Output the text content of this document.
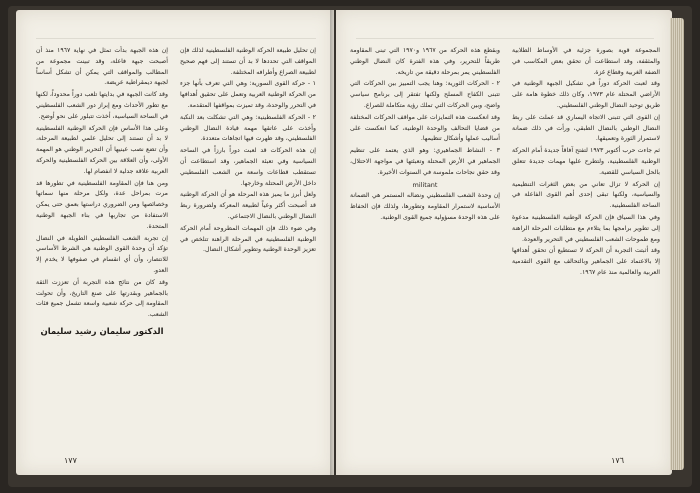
إن هذه الجبهة بدأت تمثل في نهاية ١٩٦٧ منذ أن أصبحت جبهة فاعلة، وقد تبينت مجموعة من المطالب والمواقف التي يمكن أن تشكل أساساً لجبهة ديمقراطية عريضة.

وقد كانت الجبهة في بدايتها تلعب دوراً محدوداً، لكنها مع تطور الأحداث ومع إبراز دور الشعب الفلسطيني في الساحة السياسية، أخذت تتبلور على نحو أوضح.

وعلى هذا الأساس فإن الحركة الوطنية الفلسطينية لا بد أن تستند إلى تحليل علمي لطبيعة المرحلة، وأن تضع نصب عينيها أن التحرير الوطني هو المهمة الأولى، وأن العلاقة بين الحركة الفلسطينية والحركة العربية علاقة جدلية لا انفصام لها.

ومن هنا فإن المقاومة الفلسطينية في تطورها قد مرت بمراحل عدة، ولكل مرحلة منها سماتها وخصائصها ومن الضروري دراستها بعمق حتى يمكن الاستفادة من تجاربها في بناء الجبهة الوطنية المتحدة.

إن تجربة الشعب الفلسطيني الطويلة في النضال تؤكد أن وحدة القوى الوطنية هي الشرط الأساسي للانتصار، وأن أي انقسام في صفوفها لا يخدم إلا العدو.

وقد كان من نتائج هذه التجربة أن تعززت الثقة بالجماهير وبقدرتها على صنع التاريخ، وأن تحولت المقاومة إلى حركة شعبية واسعة تشمل جميع فئات الشعب.

الدكتور سليمان رشيد سليمان

إن تحليل طبيعة الحركة الوطنية الفلسطينية لذلك فإن المواقف التي تحددها لا بد أن تستند إلى فهم صحيح لطبيعة الصراع وأطرافه المختلفة.

١ - حركة القوى السورية: وهي التي تعرف بأنها جزء من الحركة الوطنية العربية وتعمل على تحقيق أهدافها في التحرر والوحدة، وقد تميزت بمواقفها المتقدمة.

٢ - الحركة الفلسطينية: وهي التي تشكلت بعد النكبة وأخذت على عاتقها مهمة قيادة النضال الوطني الفلسطيني، وقد ظهرت فيها اتجاهات متعددة.

إن هذه الحركات قد لعبت دوراً بارزاً في الساحة السياسية وفي تعبئة الجماهير، وقد استطاعت أن تستقطب قطاعات واسعة من الشعب الفلسطيني داخل الأرض المحتلة وخارجها.

ولعل أبرز ما يميز هذه المرحلة هو أن الحركة الوطنية قد أصبحت أكثر وعياً لطبيعة المعركة ولضرورة ربط النضال الوطني بالنضال الاجتماعي.

وفي ضوء ذلك فإن المهمات المطروحة أمام الحركة الوطنية الفلسطينية في المرحلة الراهنة تتلخص في تعزيز الوحدة الوطنية وتطوير أشكال النضال.

١٧٧

وبقطع هذه الحركة من ١٩٦٧ و١٩٧٠ التي تبنى المقاومة طريقاً للتحرير، وفي هذه الفترة كان النضال الوطني الفلسطيني يمر بمرحلة دقيقة من تاريخه.

٢ - الحركات الثورية: وهنا يجب التمييز بين الحركات التي تتبنى الكفاح المسلح ولكنها تفتقر إلى برنامج سياسي واضح، وبين الحركات التي تملك رؤية متكاملة للصراع.

وقد انعكست هذه التمايزات على مواقف الحركات المختلفة من قضايا التحالف والوحدة الوطنية، كما انعكست على أساليب عملها وأشكال تنظيمها.

٣ - النشاط الجماهيري: وهو الذي يعتمد على تنظيم الجماهير في الأرض المحتلة وتعبئتها في مواجهة الاحتلال، وقد حقق نجاحات ملموسة في السنوات الأخيرة.

militant

إن وحدة الشعب الفلسطيني ونضاله المستمر هي الضمانة الأساسية لاستمرار المقاومة وتطورها، ولذلك فإن الحفاظ على هذه الوحدة مسؤولية جميع القوى الوطنية.

المجموعة قوية بصورة جزئية في الأوساط الطلابية والمثقفة، وقد استطاعت أن تحقق بعض المكاسب في الضفة الغربية وقطاع غزة.

وقد لعبت الحركة دوراً في تشكيل الجبهة الوطنية في الأراضي المحتلة عام ١٩٧٣، وكان ذلك خطوة هامة على طريق توحيد النضال الوطني الفلسطيني.

إن القوى التي تتبنى الاتجاه اليساري قد عملت على ربط النضال الوطني بالنضال الطبقي، ورأت في ذلك ضمانة لاستمرار الثورة وتعميقها.

ثم جاءت حرب أكتوبر ١٩٧٣ لتفتح آفاقاً جديدة أمام الحركة الوطنية الفلسطينية، ولتطرح عليها مهمات جديدة تتعلق بالحل السياسي للقضية.

إن الحركة لا تزال تعاني من بعض الثغرات التنظيمية والسياسية، ولكنها تبقى إحدى أهم القوى الفاعلة في الساحة الفلسطينية.

وفي هذا السياق فإن الحركة الوطنية الفلسطينية مدعوة إلى تطوير برامجها بما يتلاءم مع متطلبات المرحلة الراهنة ومع طموحات الشعب الفلسطيني في التحرير والعودة.

وقد أثبتت التجربة أن الحركة لا تستطيع أن تحقق أهدافها إلا بالاعتماد على الجماهير وبالتحالف مع القوى التقدمية العربية والعالمية منذ عام ١٩٦٧.

١٧٦
